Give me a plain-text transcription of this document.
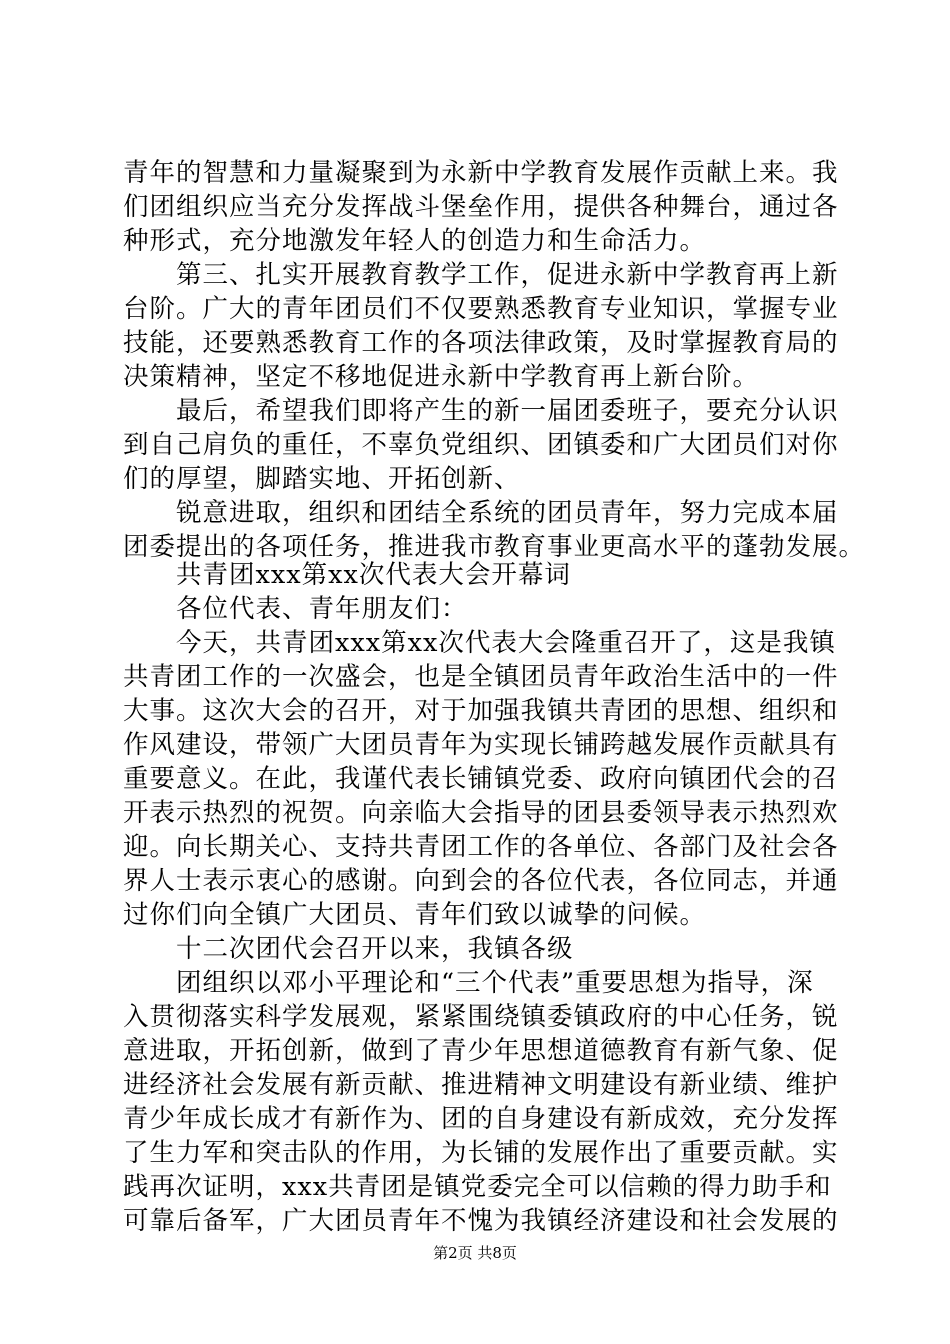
青年的智慧和力量凝聚到为永新中学教育发展作贡献上来。我
们团组织应当充分发挥战斗堡垒作用，提供各种舞台，通过各
种形式，充分地激发年轻人的创造力和生命活力。
第三、扎实开展教育教学工作，促进永新中学教育再上新
台阶。广大的青年团员们不仅要熟悉教育专业知识，掌握专业
技能，还要熟悉教育工作的各项法律政策，及时掌握教育局的
决策精神，坚定不移地促进永新中学教育再上新台阶。
最后，希望我们即将产生的新一届团委班子，要充分认识
到自己肩负的重任，不辜负党组织、团镇委和广大团员们对你
们的厚望，脚踏实地、开拓创新、
锐意进取，组织和团结全系统的团员青年，努力完成本届
团委提出的各项任务，推进我市教育事业更高水平的蓬勃发展。
共青团xxx第xx次代表大会开幕词
各位代表、青年朋友们：
今天，共青团xxx第xx次代表大会隆重召开了，这是我镇
共青团工作的一次盛会，也是全镇团员青年政治生活中的一件
大事。这次大会的召开，对于加强我镇共青团的思想、组织和
作风建设，带领广大团员青年为实现长铺跨越发展作贡献具有
重要意义。在此，我谨代表长铺镇党委、政府向镇团代会的召
开表示热烈的祝贺。向亲临大会指导的团县委领导表示热烈欢
迎。向长期关心、支持共青团工作的各单位、各部门及社会各
界人士表示衷心的感谢。向到会的各位代表，各位同志，并通
过你们向全镇广大团员、青年们致以诚挚的问候。
十二次团代会召开以来，我镇各级
团组织以邓小平理论和“三个代表”重要思想为指导，深
入贯彻落实科学发展观，紧紧围绕镇委镇政府的中心任务，锐
意进取，开拓创新，做到了青少年思想道德教育有新气象、促
进经济社会发展有新贡献、推进精神文明建设有新业绩、维护
青少年成长成才有新作为、团的自身建设有新成效，充分发挥
了生力军和突击队的作用，为长铺的发展作出了重要贡献。实
践再次证明，xxx共青团是镇党委完全可以信赖的得力助手和
可靠后备军，广大团员青年不愧为我镇经济建设和社会发展的
第2页 共8页
